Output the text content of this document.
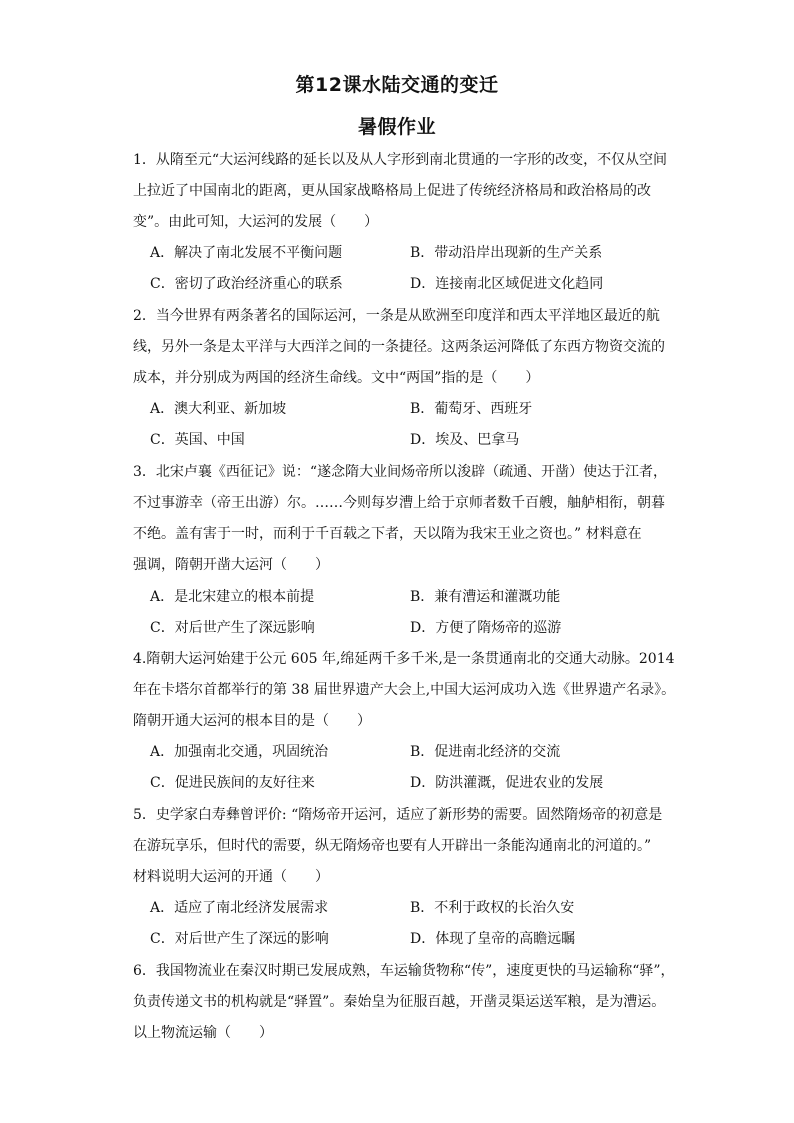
第12课水陆交通的变迁
暑假作业
1．从隋至元“大运河线路的延长以及从人字形到南北贯通的一字形的改变，不仅从空间
上拉近了中国南北的距离，更从国家战略格局上促进了传统经济格局和政治格局的改
变”。由此可知，大运河的发展（　　）
A．解决了南北发展不平衡问题	B．带动沿岸出现新的生产关系
C．密切了政治经济重心的联系	D．连接南北区域促进文化趋同
2．当今世界有两条著名的国际运河，一条是从欧洲至印度洋和西太平洋地区最近的航
线，另外一条是太平洋与大西洋之间的一条捷径。这两条运河降低了东西方物资交流的
成本，并分别成为两国的经济生命线。文中“两国”指的是（　　）
A．澳大利亚、新加坡	B．葡萄牙、西班牙
C．英国、中国	D．埃及、巴拿马
3．北宋卢襄《西征记》说：“遂念隋大业间炀帝所以浚辟（疏通、开凿）使达于江者，
不过事游幸（帝王出游）尔。……今则每岁漕上给于京师者数千百艘，舳舻相衔，朝暮
不绝。盖有害于一时，而利于千百载之下者，天以隋为我宋王业之资也。” 材料意在
强调，隋朝开凿大运河（　　）
A．是北宋建立的根本前提	B．兼有漕运和灌溉功能
C．对后世产生了深远影响	D．方便了隋炀帝的巡游
4.隋朝大运河始建于公元 605 年,绵延两千多千米,是一条贯通南北的交通大动脉。2014
年在卡塔尔首都举行的第 38 届世界遗产大会上,中国大运河成功入选《世界遗产名录》。
隋朝开通大运河的根本目的是（　　）
A．加强南北交通，巩固统治	B．促进南北经济的交流
C．促进民族间的友好往来	D．防洪灌溉，促进农业的发展
5．史学家白寿彝曾评价: “隋炀帝开运河，适应了新形势的需要。固然隋炀帝的初意是
在游玩享乐，但时代的需要，纵无隋炀帝也要有人开辟出一条能沟通南北的河道的。”
材料说明大运河的开通（　　）
A．适应了南北经济发展需求	B．不利于政权的长治久安
C．对后世产生了深远的影响	D．体现了皇帝的高瞻远瞩
6．我国物流业在秦汉时期已发展成熟，车运输货物称“传”，速度更快的马运输称“驿”，
负责传递文书的机构就是“驿置”。秦始皇为征服百越，开凿灵渠运送军粮，是为漕运。
以上物流运输（　　）
